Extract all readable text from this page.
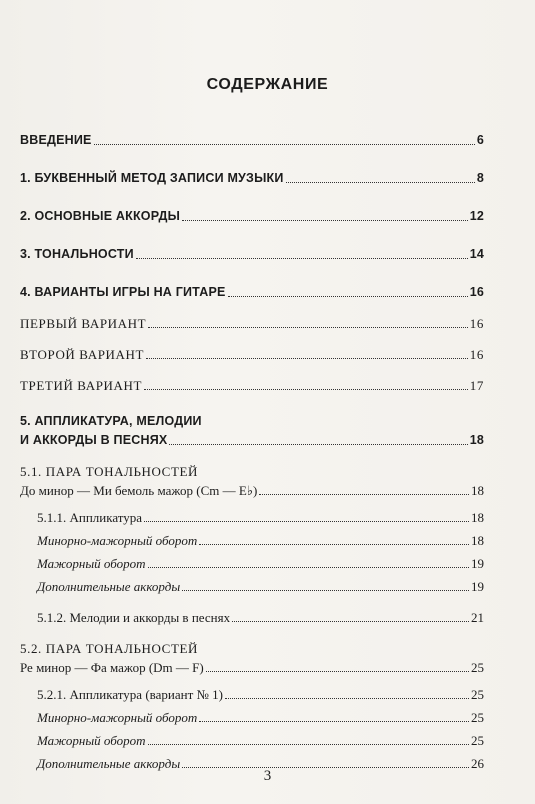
СОДЕРЖАНИЕ
ВВЕДЕНИЕ	6
1. БУКВЕННЫЙ МЕТОД ЗАПИСИ МУЗЫКИ	8
2. ОСНОВНЫЕ АККОРДЫ	12
3. ТОНАЛЬНОСТИ	14
4. ВАРИАНТЫ ИГРЫ НА ГИТАРЕ	16
ПЕРВЫЙ ВАРИАНТ	16
ВТОРОЙ ВАРИАНТ	16
ТРЕТИЙ ВАРИАНТ	17
5. АППЛИКАТУРА, МЕЛОДИИ
И АККОРДЫ В ПЕСНЯХ	18
5.1. ПАРА ТОНАЛЬНОСТЕЙ
До минор — Ми бемоль мажор (Cm — E♭)	18
5.1.1. Аппликатура	18
Минорно-мажорный оборот	18
Мажорный оборот	19
Дополнительные аккорды	19
5.1.2. Мелодии и аккорды в песнях	21
5.2. ПАРА ТОНАЛЬНОСТЕЙ
Ре минор — Фа мажор (Dm — F)	25
5.2.1. Аппликатура (вариант № 1)	25
Минорно-мажорный оборот	25
Мажорный оборот	25
Дополнительные аккорды	26
3
